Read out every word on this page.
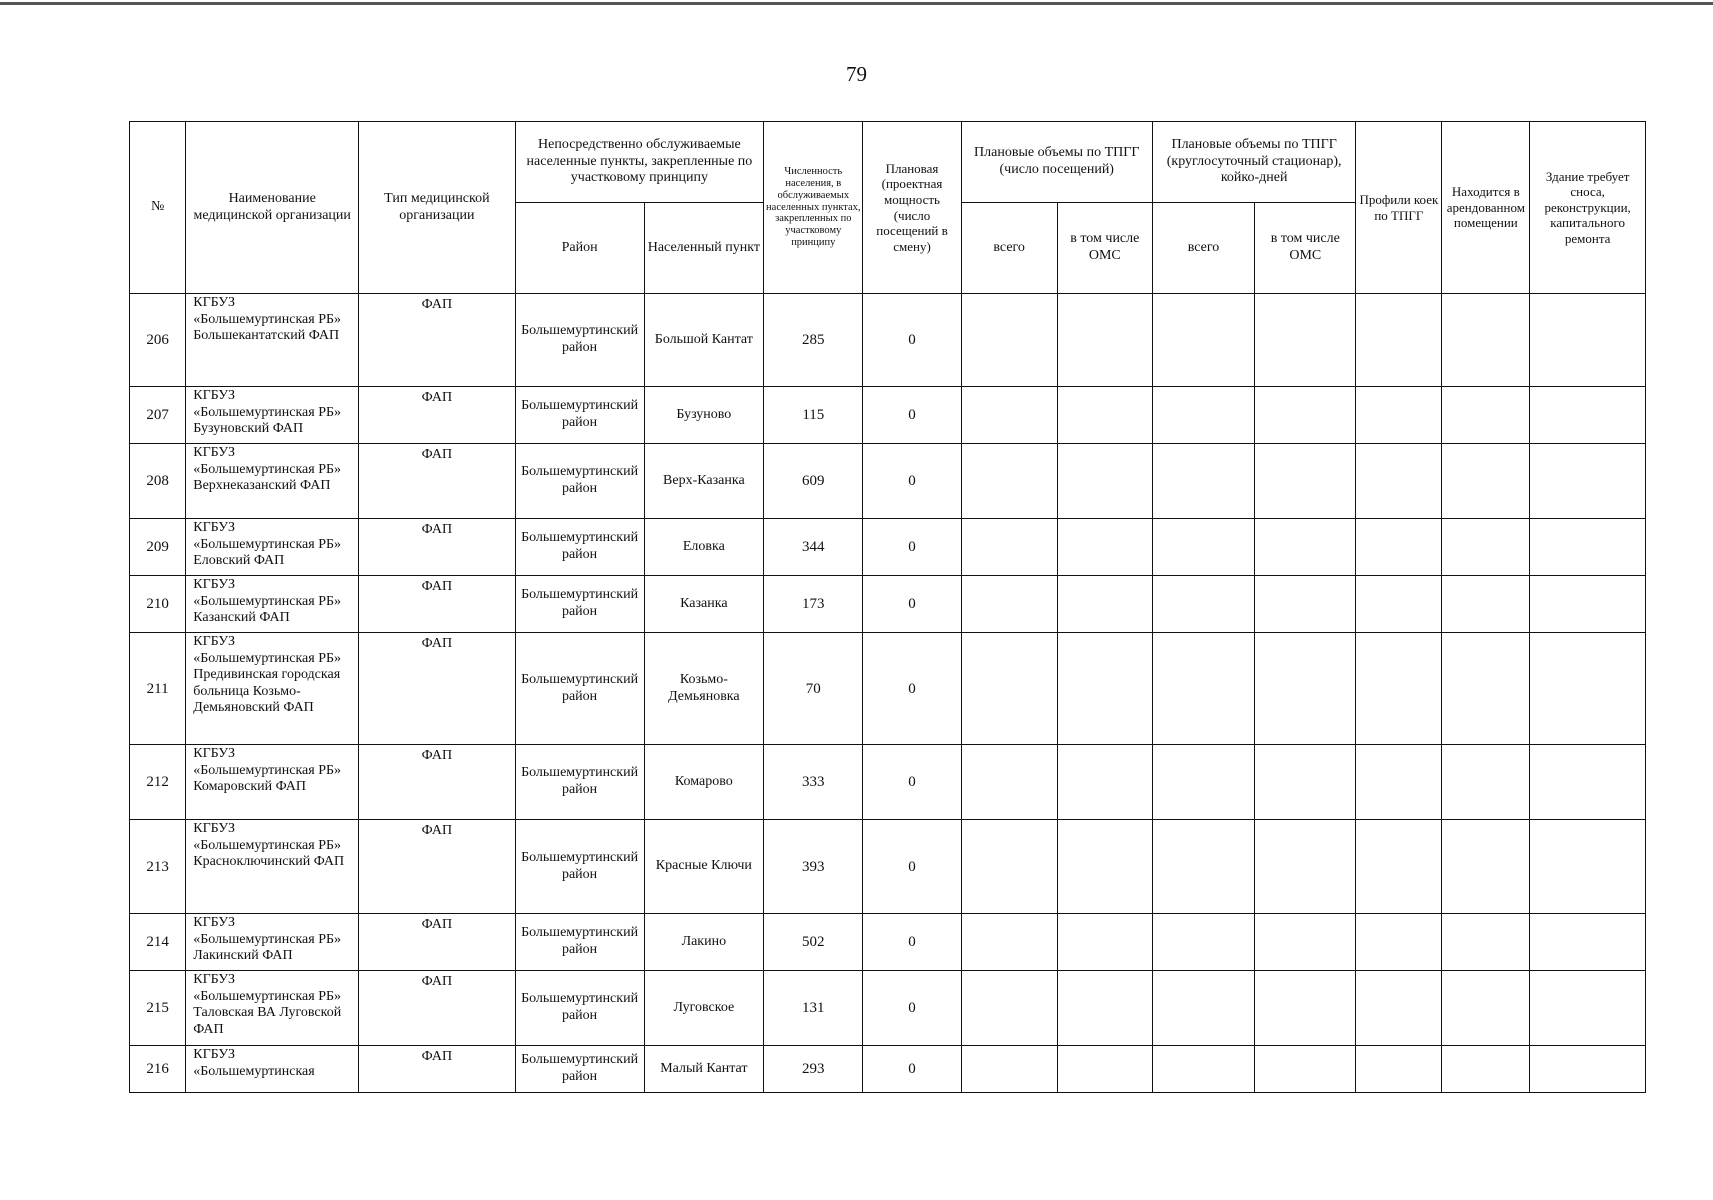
79
№	Наименование медицинской организации	Тип медицинской организации	Непосредственно обслуживаемые населенные пункты, закрепленные по участковому принципу		Численность населения, в обслуживаемых населенных пунктах, закрепленных по участковому принципу	Плановая (проектная мощность (число посещений в смену)	Плановые объемы по ТПГГ (число посещений)		Плановые объемы по ТПГГ (круглосуточный стационар), койко-дней		Профили коек по ТПГГ	Находится в арендованном помещении	Здание требует сноса, реконструкции, капитального ремонта
			Район	Населенный пункт			всего	в том числе ОМС	всего	в том числе ОМС			
206	КГБУЗ «Большемуртинская РБ» Большекантатский ФАП	ФАП	Большемуртинский район	Большой Кантат	285	0							
207	КГБУЗ «Большемуртинская РБ» Бузуновский ФАП	ФАП	Большемуртинский район	Бузуново	115	0							
208	КГБУЗ «Большемуртинская РБ» Верхнеказанский ФАП	ФАП	Большемуртинский район	Верх-Казанка	609	0							
209	КГБУЗ «Большемуртинская РБ» Еловский ФАП	ФАП	Большемуртинский район	Еловка	344	0							
210	КГБУЗ «Большемуртинская РБ» Казанский ФАП	ФАП	Большемуртинский район	Казанка	173	0							
211	КГБУЗ «Большемуртинская РБ» Предивинская городская больница Козьмо-Демьяновский ФАП	ФАП	Большемуртинский район	Козьмо-Демьяновка	70	0							
212	КГБУЗ «Большемуртинская РБ» Комаровский ФАП	ФАП	Большемуртинский район	Комарово	333	0							
213	КГБУЗ «Большемуртинская РБ» Красноключинский ФАП	ФАП	Большемуртинский район	Красные Ключи	393	0							
214	КГБУЗ «Большемуртинская РБ» Лакинский ФАП	ФАП	Большемуртинский район	Лакино	502	0							
215	КГБУЗ «Большемуртинская РБ» Таловская ВА Луговской ФАП	ФАП	Большемуртинский район	Луговское	131	0							
216	КГБУЗ «Большемуртинская	ФАП	Большемуртинский район	Малый Кантат	293	0							
